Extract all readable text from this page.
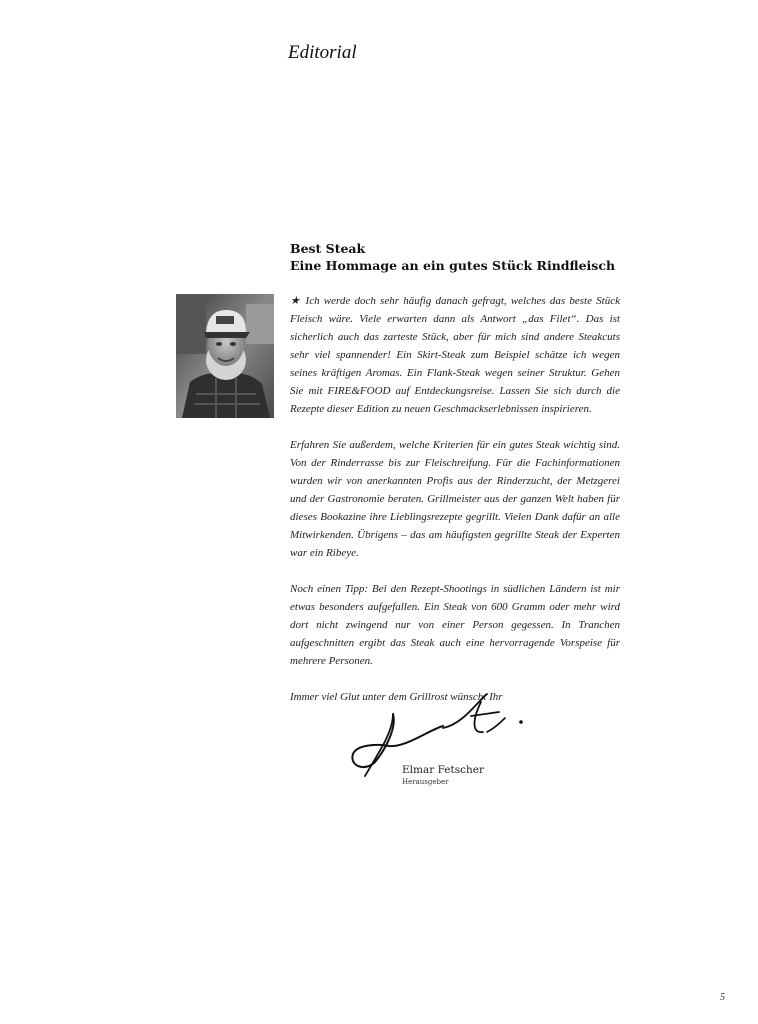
Editorial
Best Steak
Eine Hommage an ein gutes Stück Rindfleisch

★ Ich werde doch sehr häufig danach gefragt, welches das beste Stück Fleisch wäre. Viele erwarten dann als Antwort „das Filet“. Das ist sicherlich auch das zarteste Stück, aber für mich sind andere Steakcuts sehr viel spannender! Ein Skirt-Steak zum Beispiel schätze ich wegen seines kräftigen Aromas. Ein Flank-Steak wegen seiner Struktur. Gehen Sie mit FIRE&FOOD auf Entdeckungsreise. Lassen Sie sich durch die Rezepte dieser Edition zu neuen Geschmackserlebnissen inspirieren.

Erfahren Sie außerdem, welche Kriterien für ein gutes Steak wichtig sind. Von der Rinderrasse bis zur Fleischreifung. Für die Fachinformationen wurden wir von anerkannten Profis aus der Rinderzucht, der Metzgerei und der Gastronomie beraten. Grillmeister aus der ganzen Welt haben für dieses Bookazine ihre Lieblingsrezepte gegrillt. Vielen Dank dafür an alle Mitwirkenden. Übrigens – das am häufigsten gegrillte Steak der Experten war ein Ribeye.

Noch einen Tipp: Bei den Rezept-Shootings in südlichen Ländern ist mir etwas besonders aufgefallen. Ein Steak von 600 Gramm oder mehr wird dort nicht zwingend nur von einer Person gegessen. In Tranchen aufgeschnitten ergibt das Steak auch eine hervorragende Vorspeise für mehrere Personen.

Immer viel Glut unter dem Grillrost wünscht Ihr

Elmar Fetscher
Herausgeber
5
